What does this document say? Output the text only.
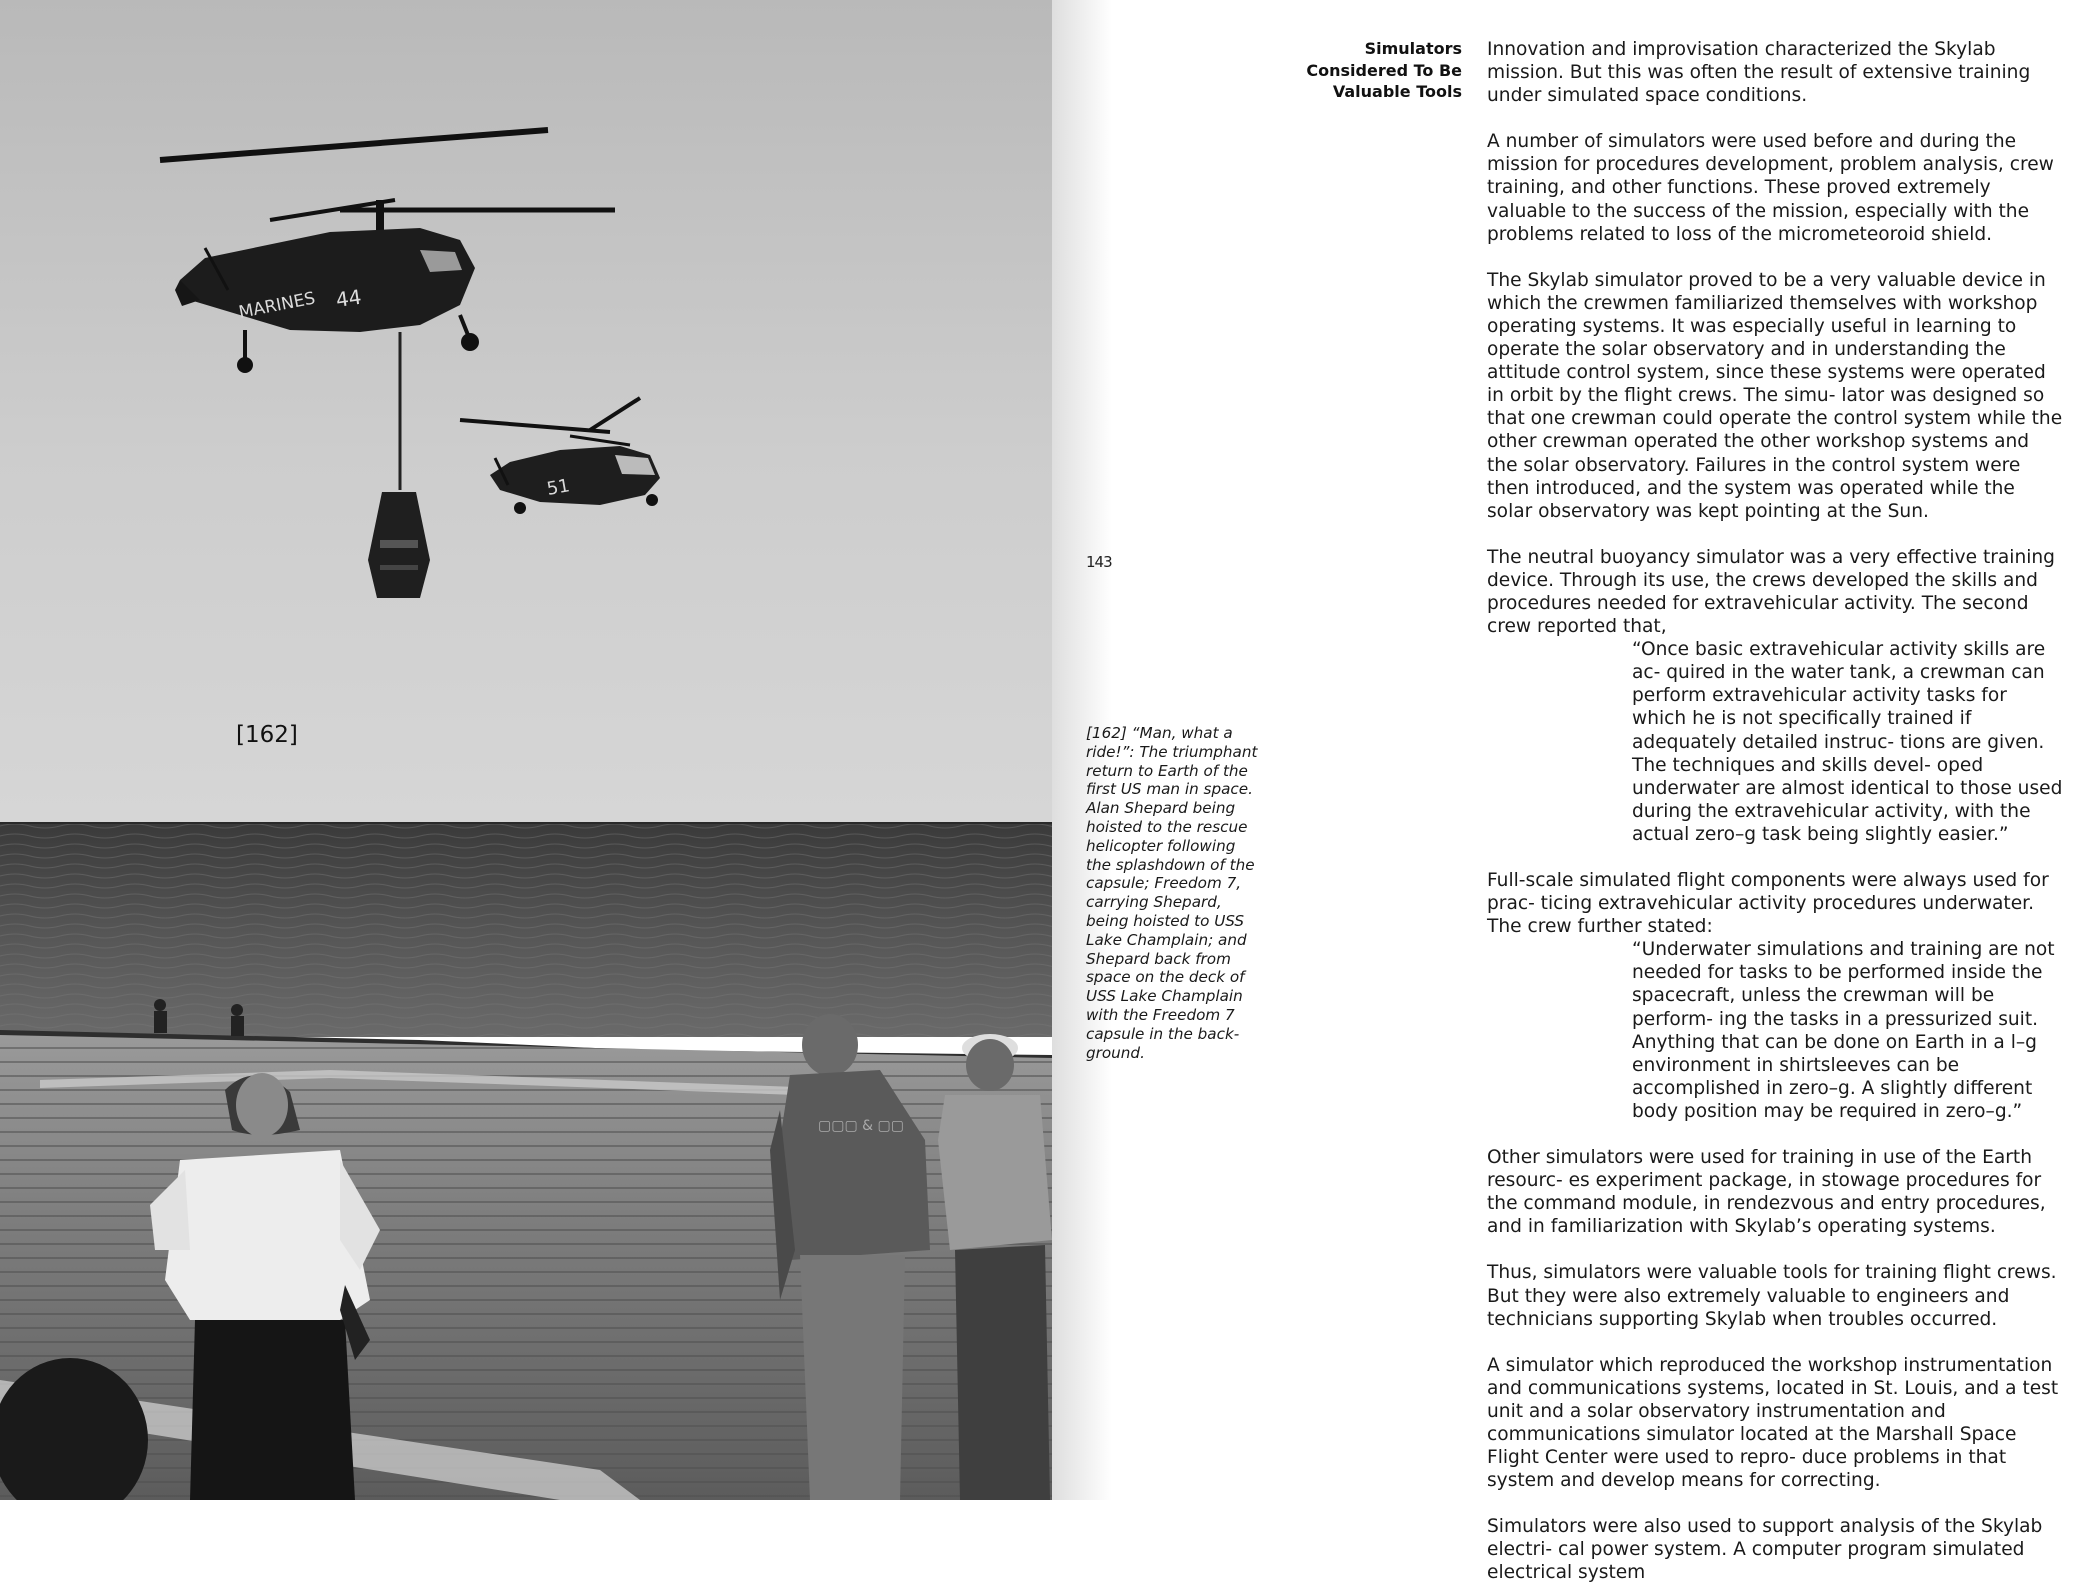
MARINES 44
51
▢▢▢ & ▢▢
[162]
143
[162] “Man, what a ride!”: The triumphant return to Earth of the first US man in space. Alan Shepard being hoisted to the rescue helicopter following the splashdown of the capsule; Freedom 7, carrying Shepard, being hoisted to USS Lake Champlain; and Shepard back from space on the deck of USS Lake Champlain with the Freedom 7 capsule in the back- ground.
Simulators
Considered To Be
Valuable Tools

Innovation and improvisation characterized the Skylab mission. But this was often the result of extensive training under simulated space conditions.

A number of simulators were used before and during the mission for procedures development, problem analysis, crew training, and other functions. These proved extremely valuable to the success of the mission, especially with the problems related to loss of the micrometeoroid shield.

The Skylab simulator proved to be a very valuable device in which the crewmen familiarized themselves with workshop operating systems. It was especially useful in learning to operate the solar observatory and in understanding the attitude control system, since these systems were operated in orbit by the flight crews. The simu- lator was designed so that one crewman could operate the control system while the other crewman operated the other workshop systems and the solar observatory. Failures in the control system were then introduced, and the system was operated while the solar observatory was kept pointing at the Sun.

The neutral buoyancy simulator was a very effective training device. Through its use, the crews developed the skills and procedures needed for extravehicular activity. The second crew reported that,

“Once basic extravehicular activity skills are ac- quired in the water tank, a crewman can perform extravehicular activity tasks for which he is not specifically trained if adequately detailed instruc- tions are given. The techniques and skills devel- oped underwater are almost identical to those used during the extravehicular activity, with the actual zero–g task being slightly easier.”

Full-scale simulated flight components were always used for prac- ticing extravehicular activity procedures underwater.

The crew further stated:

“Underwater simulations and training are not needed for tasks to be performed inside the spacecraft, unless the crewman will be perform- ing the tasks in a pressurized suit. Anything that can be done on Earth in a l–g environment in shirtsleeves can be accomplished in zero–g. A slightly different body position may be required in zero–g.”

Other simulators were used for training in use of the Earth resourc- es experiment package, in stowage procedures for the command module, in rendezvous and entry procedures, and in familiarization with Skylab’s operating systems.

Thus, simulators were valuable tools for training flight crews. But they were also extremely valuable to engineers and technicians supporting Skylab when troubles occurred.

A simulator which reproduced the workshop instrumentation and communications systems, located in St. Louis, and a test unit and a solar observatory instrumentation and communications simulator located at the Marshall Space Flight Center were used to repro- duce problems in that system and develop means for correcting.

Simulators were also used to support analysis of the Skylab electri- cal power system. A computer program simulated electrical system
